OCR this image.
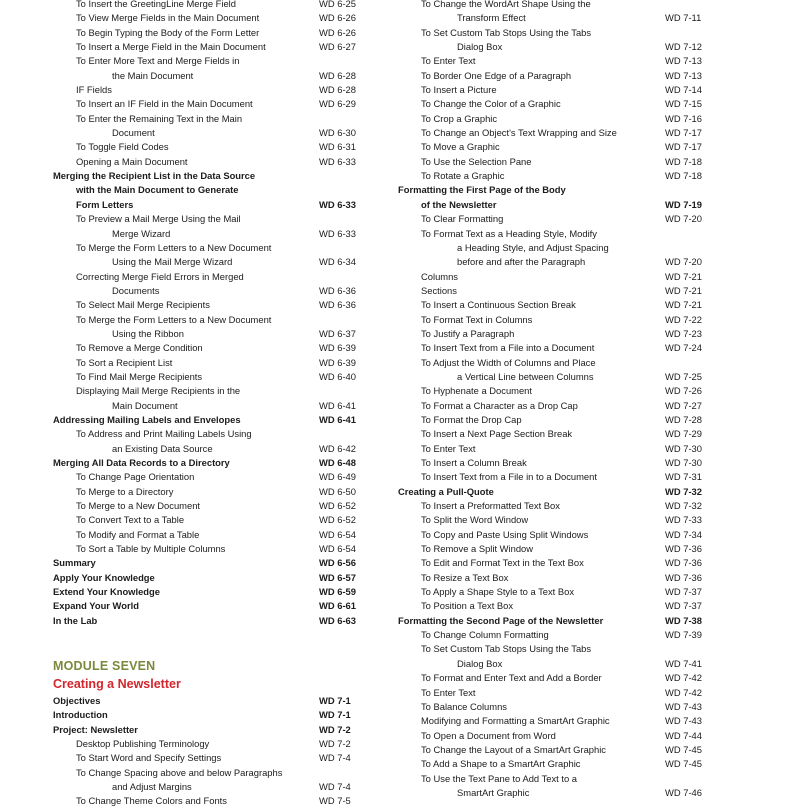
To Insert the GreetingLine Merge Field	WD 6-25
To View Merge Fields in the Main Document	WD 6-26
To Begin Typing the Body of the Form Letter	WD 6-26
To Insert a Merge Field in the Main Document	WD 6-27
To Enter More Text and Merge Fields in
the Main Document	WD 6-28
IF Fields	WD 6-28
To Insert an IF Field in the Main Document	WD 6-29
To Enter the Remaining Text in the Main
Document	WD 6-30
To Toggle Field Codes	WD 6-31
Opening a Main Document	WD 6-33
Merging the Recipient List in the Data Source
with the Main Document to Generate
Form Letters	WD 6-33
To Preview a Mail Merge Using the Mail
Merge Wizard	WD 6-33
To Merge the Form Letters to a New Document
Using the Mail Merge Wizard	WD 6-34
Correcting Merge Field Errors in Merged
Documents	WD 6-36
To Select Mail Merge Recipients	WD 6-36
To Merge the Form Letters to a New Document
Using the Ribbon	WD 6-37
To Remove a Merge Condition	WD 6-39
To Sort a Recipient List	WD 6-39
To Find Mail Merge Recipients	WD 6-40
Displaying Mail Merge Recipients in the
Main Document	WD 6-41
Addressing Mailing Labels and Envelopes	WD 6-41
To Address and Print Mailing Labels Using
an Existing Data Source	WD 6-42
Merging All Data Records to a Directory	WD 6-48
To Change Page Orientation	WD 6-49
To Merge to a Directory	WD 6-50
To Merge to a New Document	WD 6-52
To Convert Text to a Table	WD 6-52
To Modify and Format a Table	WD 6-54
To Sort a Table by Multiple Columns	WD 6-54
Summary	WD 6-56
Apply Your Knowledge	WD 6-57
Extend Your Knowledge	WD 6-59
Expand Your World	WD 6-61
In the Lab	WD 6-63
MODULE SEVEN
Creating a Newsletter
Objectives	WD 7-1
Introduction	WD 7-1
Project: Newsletter	WD 7-2
Desktop Publishing Terminology	WD 7-2
To Start Word and Specify Settings	WD 7-4
To Change Spacing above and below Paragraphs
and Adjust Margins	WD 7-4
To Change Theme Colors and Fonts	WD 7-5
To Change the WordArt Shape Using the
Transform Effect	WD 7-11
To Set Custom Tab Stops Using the Tabs
Dialog Box	WD 7-12
To Enter Text	WD 7-13
To Border One Edge of a Paragraph	WD 7-13
To Insert a Picture	WD 7-14
To Change the Color of a Graphic	WD 7-15
To Crop a Graphic	WD 7-16
To Change an Object's Text Wrapping and Size	WD 7-17
To Move a Graphic	WD 7-17
To Use the Selection Pane	WD 7-18
To Rotate a Graphic	WD 7-18
Formatting the First Page of the Body
of the Newsletter	WD 7-19
To Clear Formatting	WD 7-20
To Format Text as a Heading Style, Modify
a Heading Style, and Adjust Spacing
before and after the Paragraph	WD 7-20
Columns	WD 7-21
Sections	WD 7-21
To Insert a Continuous Section Break	WD 7-21
To Format Text in Columns	WD 7-22
To Justify a Paragraph	WD 7-23
To Insert Text from a File into a Document	WD 7-24
To Adjust the Width of Columns and Place
a Vertical Line between Columns	WD 7-25
To Hyphenate a Document	WD 7-26
To Format a Character as a Drop Cap	WD 7-27
To Format the Drop Cap	WD 7-28
To Insert a Next Page Section Break	WD 7-29
To Enter Text	WD 7-30
To Insert a Column Break	WD 7-30
To Insert Text from a File in to a Document	WD 7-31
Creating a Pull-Quote	WD 7-32
To Insert a Preformatted Text Box	WD 7-32
To Split the Word Window	WD 7-33
To Copy and Paste Using Split Windows	WD 7-34
To Remove a Split Window	WD 7-36
To Edit and Format Text in the Text Box	WD 7-36
To Resize a Text Box	WD 7-36
To Apply a Shape Style to a Text Box	WD 7-37
To Position a Text Box	WD 7-37
Formatting the Second Page of the Newsletter	WD 7-38
To Change Column Formatting	WD 7-39
To Set Custom Tab Stops Using the Tabs
Dialog Box	WD 7-41
To Format and Enter Text and Add a Border	WD 7-42
To Enter Text	WD 7-42
To Balance Columns	WD 7-43
Modifying and Formatting a SmartArt Graphic	WD 7-43
To Open a Document from Word	WD 7-44
To Change the Layout of a SmartArt Graphic	WD 7-45
To Add a Shape to a SmartArt Graphic	WD 7-45
To Use the Text Pane to Add Text to a
SmartArt Graphic	WD 7-46
